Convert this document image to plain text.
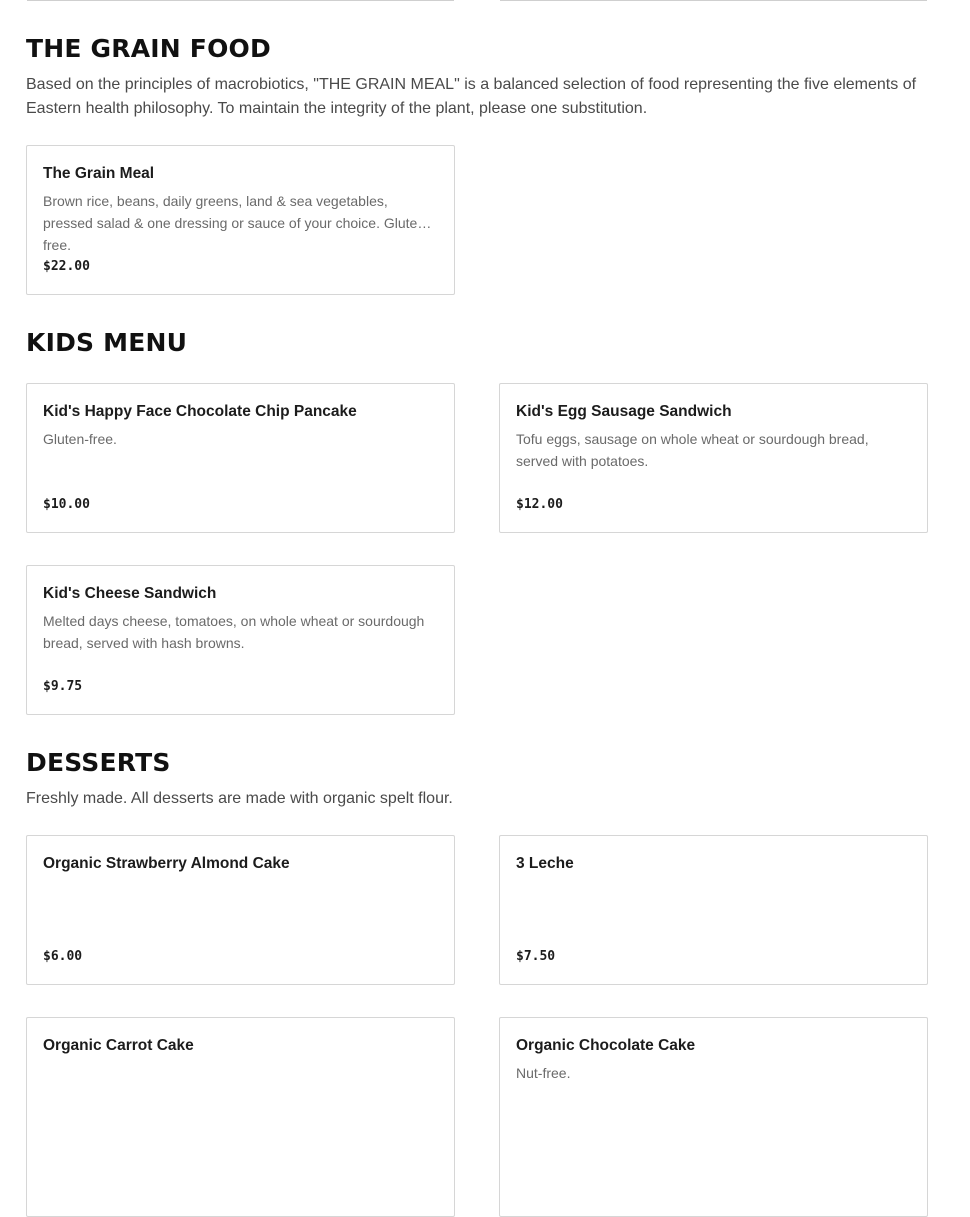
THE GRAIN FOOD

Based on the principles of macrobiotics, "THE GRAIN MEAL" is a balanced selection of food representing the five elements of Eastern health philosophy. To maintain the integrity of the plant, please one substitution.

The Grain Meal
Brown rice, beans, daily greens, land & sea vegetables, pressed salad & one dressing or sauce of your choice. Gluten-free.
$22.00
KIDS MENU
Kid's Happy Face Chocolate Chip Pancake
Gluten-free.
$10.00
Kid's Egg Sausage Sandwich
Tofu eggs, sausage on whole wheat or sourdough bread, served with potatoes.
$12.00
Kid's Cheese Sandwich
Melted days cheese, tomatoes, on whole wheat or sourdough bread, served with hash browns.
$9.75
DESSERTS

Freshly made. All desserts are made with organic spelt flour.

Organic Strawberry Almond Cake
$6.00
3 Leche
$7.50
Organic Carrot Cake	Organic Chocolate Cake
Nut-free.
